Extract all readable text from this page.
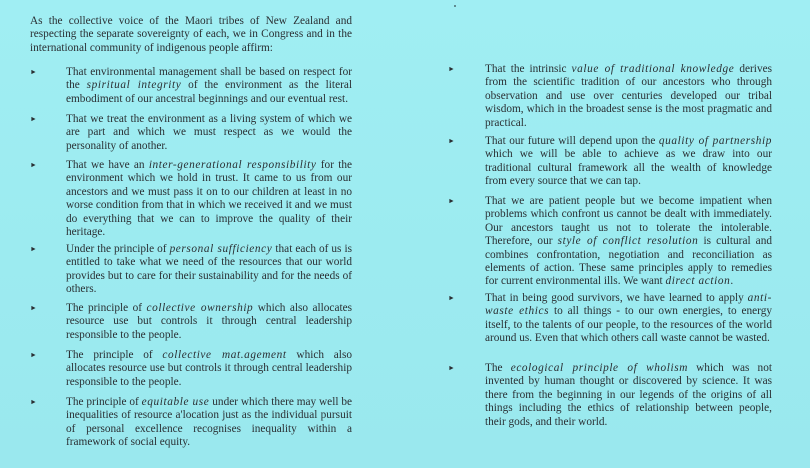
As the collective voice of the Maori tribes of New Zealand and respecting the separate sovereignty of each, we in Congress and in the international community of indigenous people affirm:

►	That environmental management shall be based on respect for the spiritual integrity of the environment as the literal embodiment of our ancestral beginnings and our eventual rest.
►	That we treat the environment as a living system of which we are part and which we must respect as we would the personality of another.
►	That we have an inter-generational responsibility for the environment which we hold in trust. It came to us from our ancestors and we must pass it on to our children at least in no worse condition from that in which we received it and we must do everything that we can to improve the quality of their heritage.
►	Under the principle of personal sufficiency that each of us is entitled to take what we need of the resources that our world provides but to care for their sustainability and for the needs of others.
►	The principle of collective ownership which also allocates resource use but controls it through central leadership responsible to the people.
►	The principle of collective mat.agement which also allocates resource use but controls it through central leadership responsible to the people.
►	The principle of equitable use under which there may well be inequalities of resource a'location just as the individual pursuit of personal excellence recognises inequality within a framework of social equity.
►	That the intrinsic value of traditional knowledge derives from the scientific tradition of our ancestors who through observation and use over centuries developed our tribal wisdom, which in the broadest sense is the most pragmatic and practical.
►	That our future will depend upon the quality of partnership which we will be able to achieve as we draw into our traditional cultural framework all the wealth of knowledge from every source that we can tap.
►	That we are patient people but we become impatient when problems which confront us cannot be dealt with immediately. Our ancestors taught us not to tolerate the intolerable. Therefore, our style of conflict resolution is cultural and combines confrontation, negotiation and reconciliation as elements of action. These same principles apply to remedies for current environmental ills. We want direct action.
►	That in being good survivors, we have learned to apply anti-waste ethics to all things - to our own energies, to energy itself, to the talents of our people, to the resources of the world around us. Even that which others call waste cannot be wasted.
►	The ecological principle of wholism which was not invented by human thought or discovered by science. It was there from the beginning in our legends of the origins of all things including the ethics of relationship between people, their gods, and their world.
